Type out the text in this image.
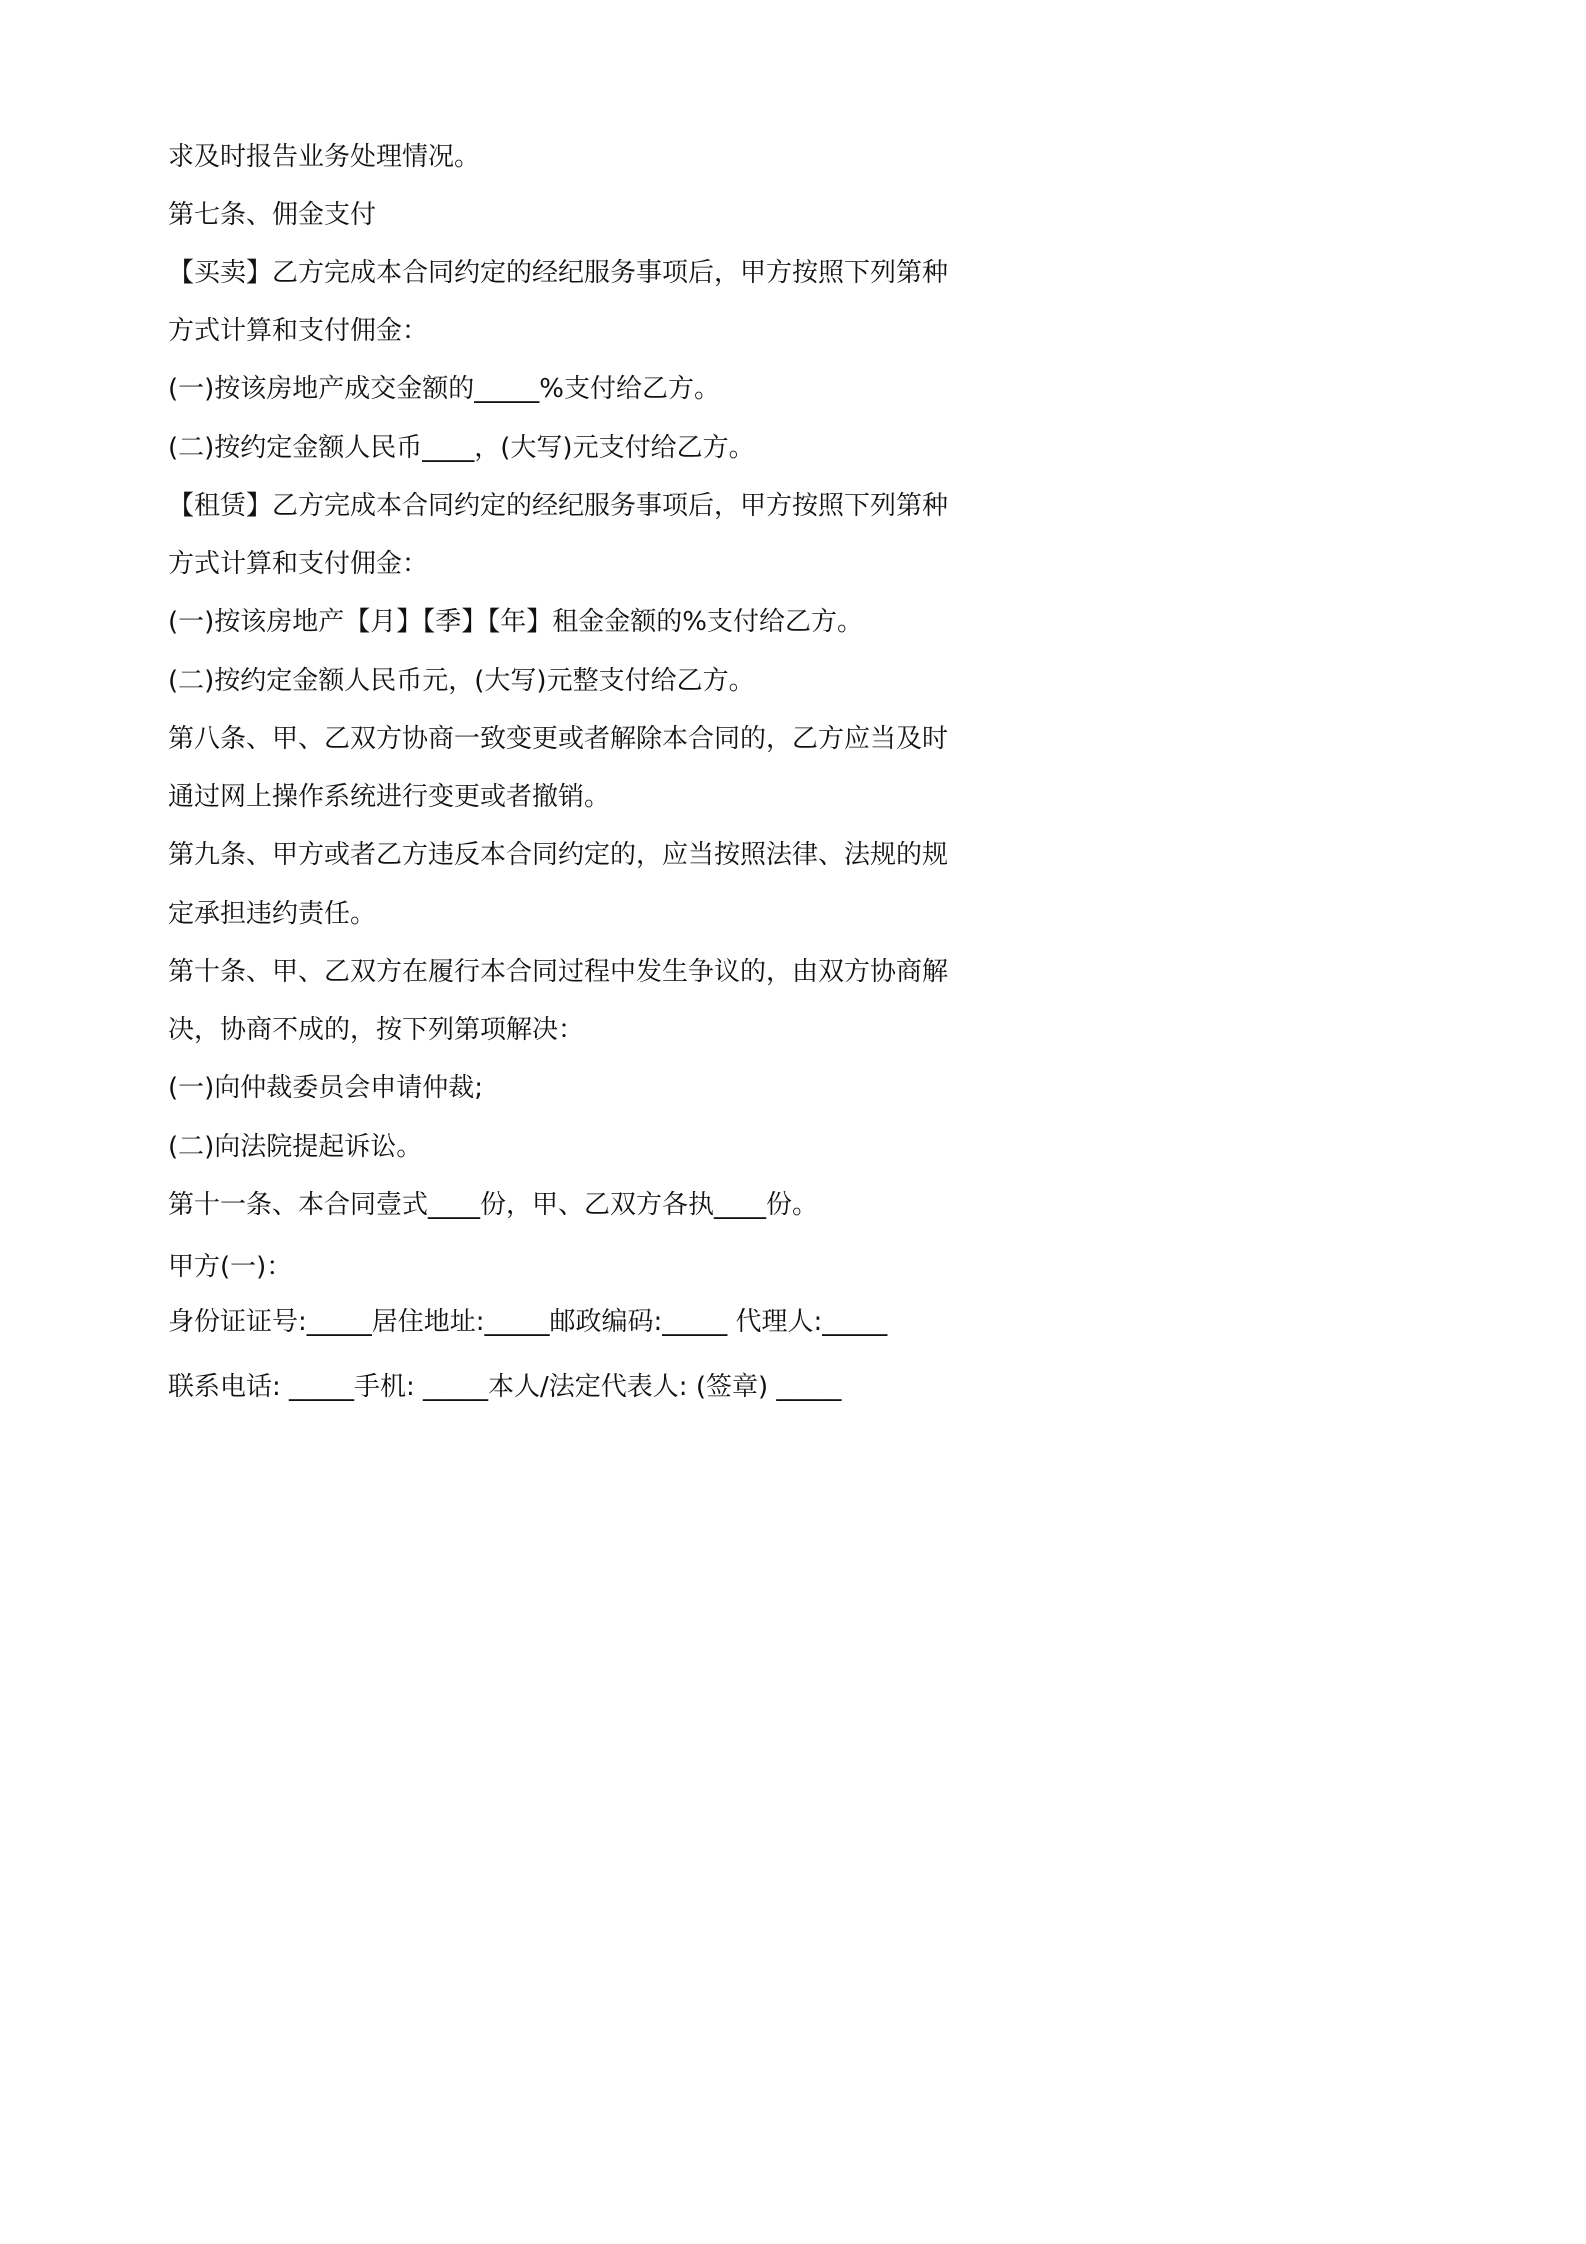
求及时报告业务处理情况。
第七条、佣金支付
【买卖】乙方完成本合同约定的经纪服务事项后，甲方按照下列第种
方式计算和支付佣金：
(一)按该房地产成交金额的_____%支付给乙方。
(二)按约定金额人民币____，(大写)元支付给乙方。
【租赁】乙方完成本合同约定的经纪服务事项后，甲方按照下列第种
方式计算和支付佣金：
(一)按该房地产【月】【季】【年】租金金额的%支付给乙方。
(二)按约定金额人民币元，(大写)元整支付给乙方。
第八条、甲、乙双方协商一致变更或者解除本合同的，乙方应当及时
通过网上操作系统进行变更或者撤销。
第九条、甲方或者乙方违反本合同约定的，应当按照法律、法规的规
定承担违约责任。
第十条、甲、乙双方在履行本合同过程中发生争议的，由双方协商解
决，协商不成的，按下列第项解决：
(一)向仲裁委员会申请仲裁;
(二)向法院提起诉讼。
第十一条、本合同壹式____份，甲、乙双方各执____份。
甲方(一)：
身份证证号:_____居住地址:_____邮政编码:_____ 代理人:_____
联系电话: _____手机: _____本人/法定代表人: (签章) _____
